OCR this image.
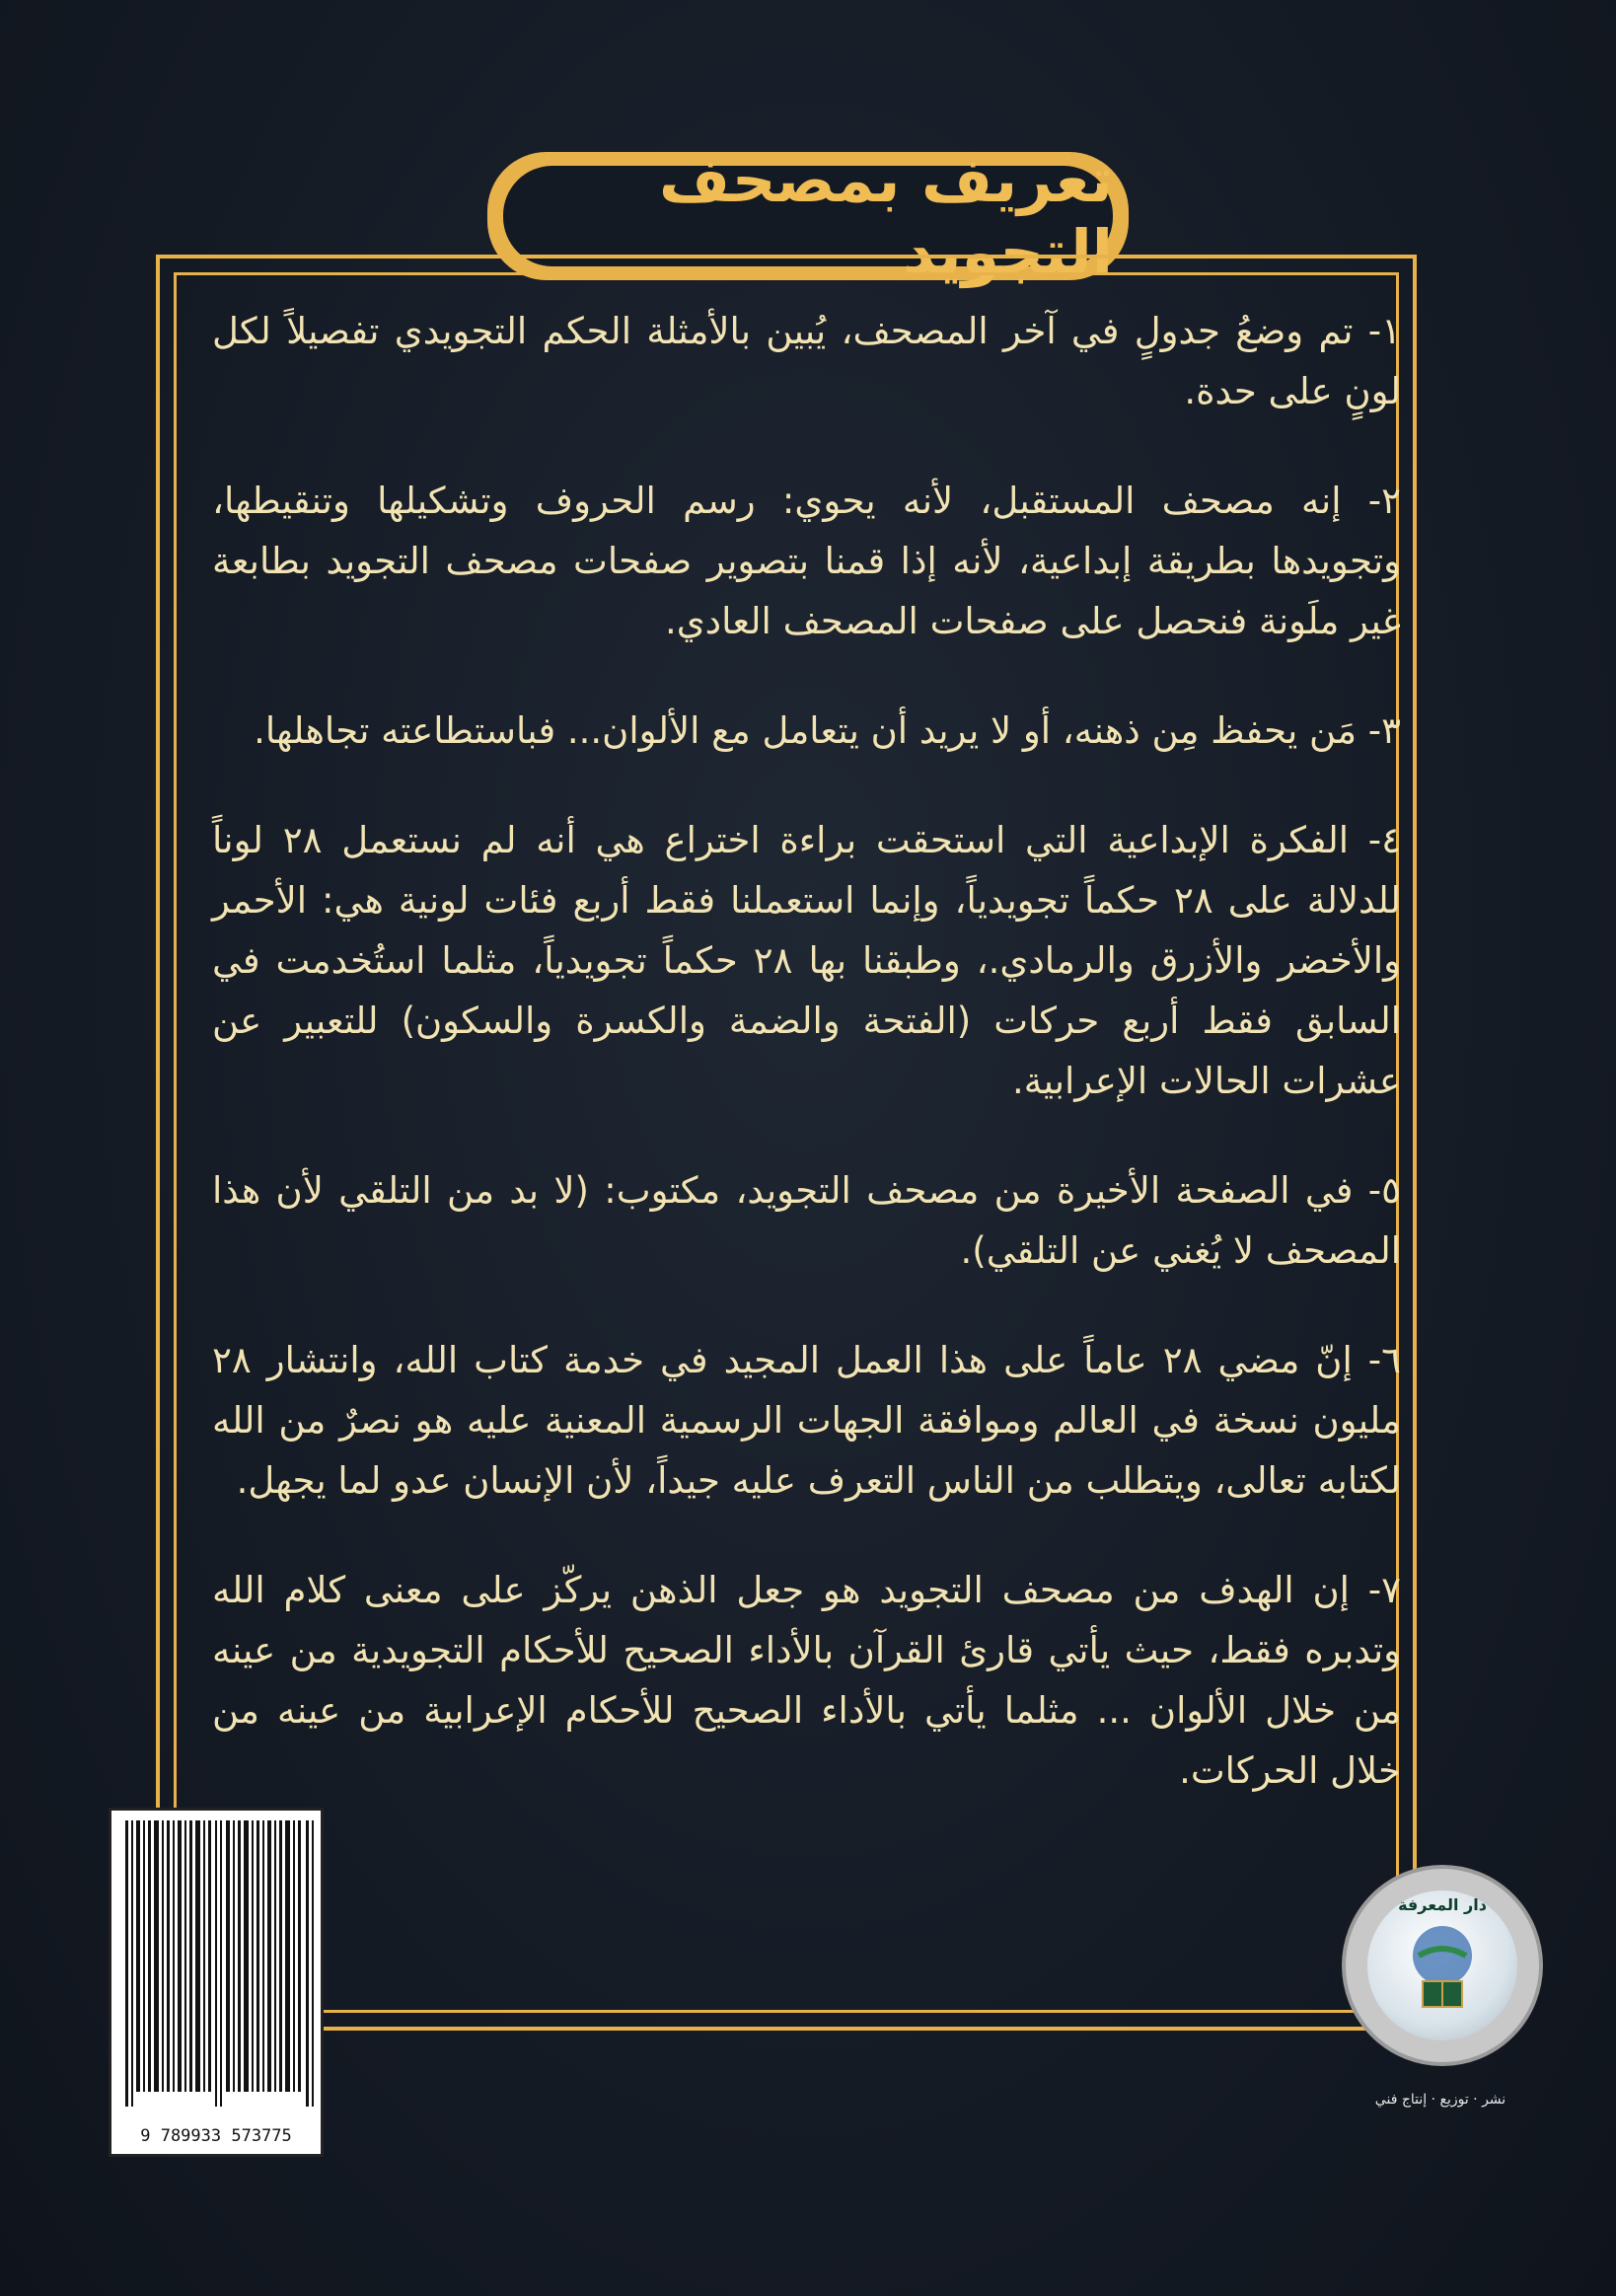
تعريف بمصحف التجويد

١- تم وضعُ جدولٍ في آخر المصحف، يُبين بالأمثلة الحكم التجويدي تفصيلاً لكل لونٍ على حدة.

٢- إنه مصحف المستقبل، لأنه يحوي: رسم الحروف وتشكيلها وتنقيطها، وتجويدها بطريقة إبداعية، لأنه إذا قمنا بتصوير صفحات مصحف التجويد بطابعة غير ملَونة فنحصل على صفحات المصحف العادي.

٣- مَن يحفظ مِن ذهنه، أو لا يريد أن يتعامل مع الألوان... فباستطاعته تجاهلها.

٤- الفكرة الإبداعية التي استحقت براءة اختراع هي أنه لم نستعمل ٢٨ لوناً للدلالة على ٢٨ حكماً تجويدياً، وإنما استعملنا فقط أربع فئات لونية هي: الأحمر والأخضر والأزرق والرمادي.، وطبقنا بها ٢٨ حكماً تجويدياً، مثلما استُخدمت في السابق فقط أربع حركات (الفتحة والضمة والكسرة والسكون) للتعبير عن عشرات الحالات الإعرابية.

٥- في الصفحة الأخيرة من مصحف التجويد، مكتوب: (لا بد من التلقي لأن هذا المصحف لا يُغني عن التلقي).

٦- إنّ مضي ٢٨ عاماً على هذا العمل المجيد في خدمة كتاب الله، وانتشار ٢٨ مليون نسخة في العالم وموافقة الجهات الرسمية المعنية عليه هو نصرٌ من الله لكتابه تعالى، ويتطلب من الناس التعرف عليه جيداً، لأن الإنسان عدو لما يجهل.

٧- إن الهدف من مصحف التجويد هو جعل الذهن يركّز على معنى كلام الله وتدبره فقط، حيث يأتي قارئ القرآن بالأداء الصحيح للأحكام التجويدية من عينه من خلال الألوان ... مثلما يأتي بالأداء الصحيح للأحكام الإعرابية من عينه من خلال الحركات.

9 789933 573775
دار المعرفة
نشر · توزيع · إنتاج فني
